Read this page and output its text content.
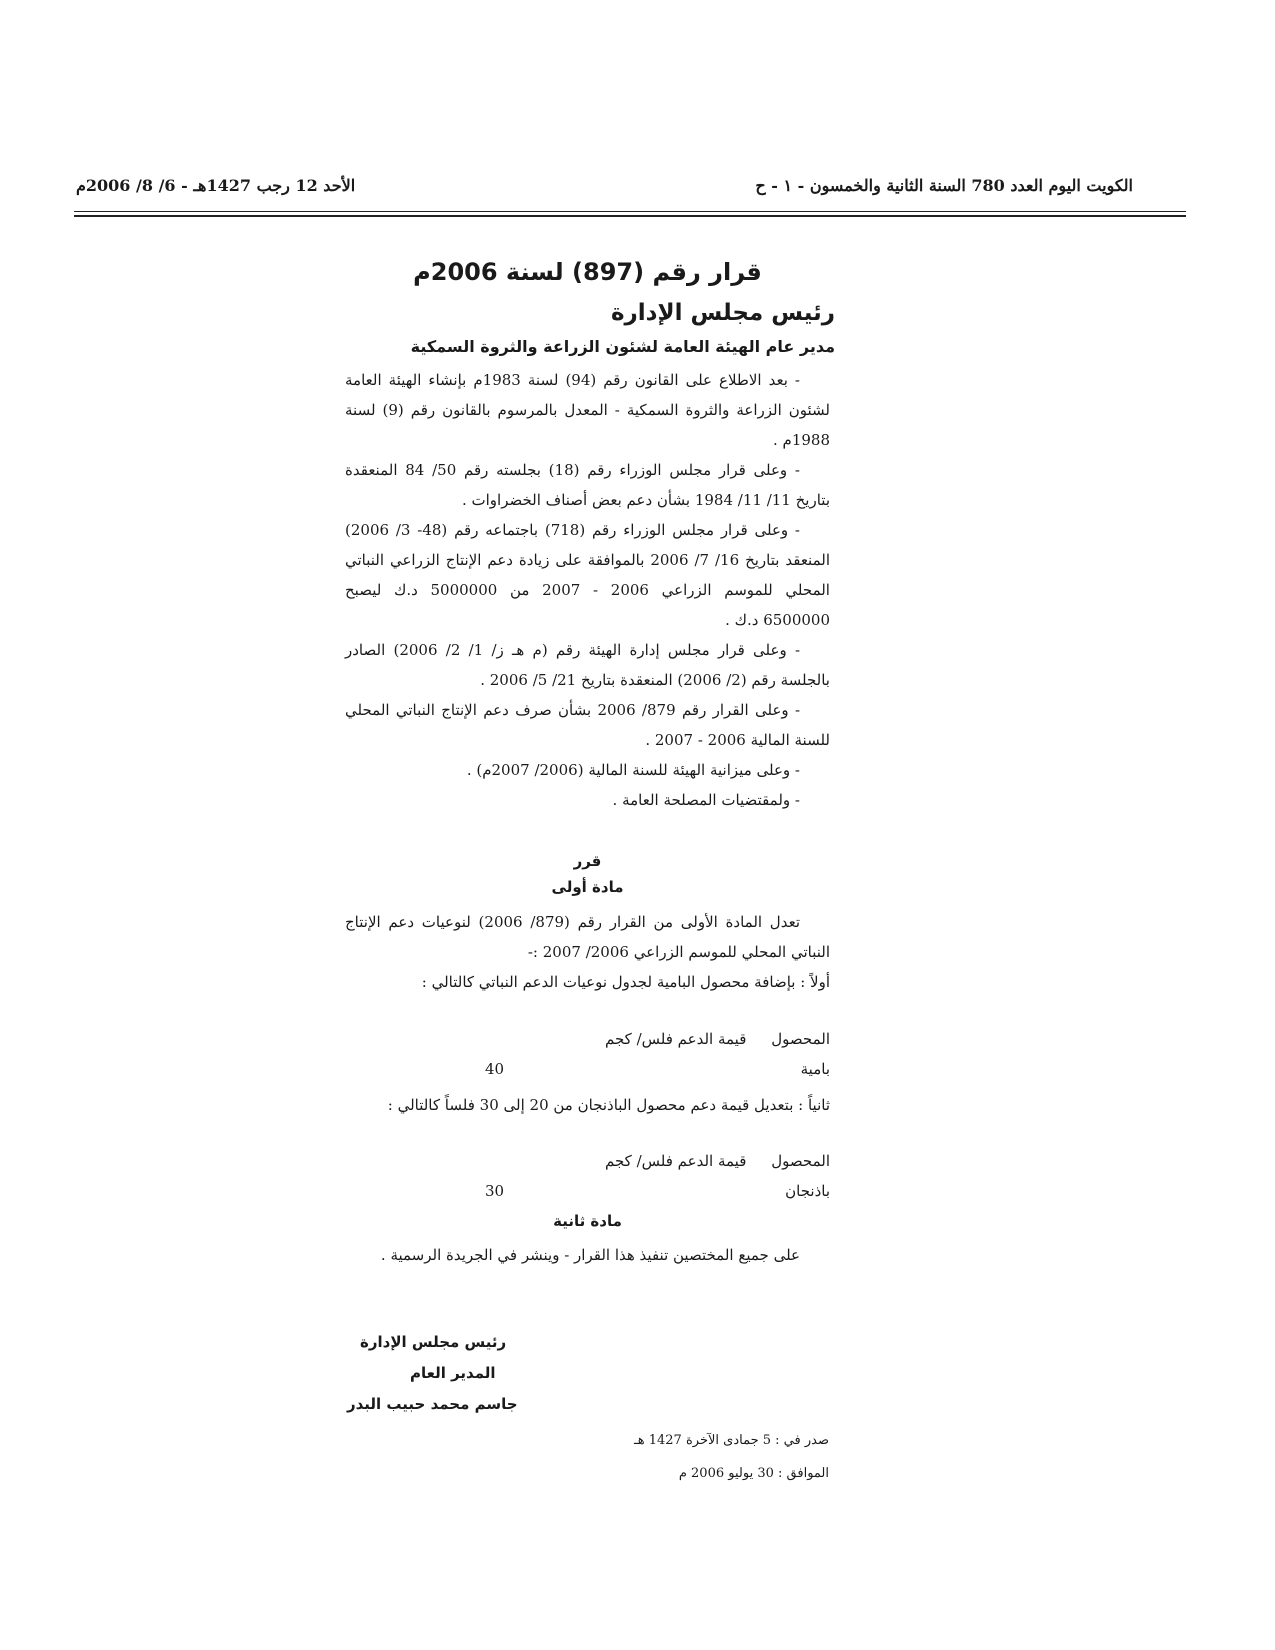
الكويت اليوم العدد 780 السنة الثانية والخمسون - ١ - ح
الأحد 12 رجب 1427هـ - 6/ 8/ 2006م
قرار رقم (897) لسنة 2006م
رئيس مجلس الإدارة
مدير عام الهيئة العامة لشئون الزراعة والثروة السمكية

- بعد الاطلاع على القانون رقم (94) لسنة 1983م بإنشاء الهيئة العامة لشئون الزراعة والثروة السمكية - المعدل بالمرسوم بالقانون رقم (9) لسنة 1988م .

- وعلى قرار مجلس الوزراء رقم (18) بجلسته رقم 50/ 84 المنعقدة بتاريخ 11/ 11/ 1984 بشأن دعم بعض أصناف الخضراوات .

- وعلى قرار مجلس الوزراء رقم (718) باجتماعه رقم (48- 3/ 2006) المنعقد بتاريخ 16/ 7/ 2006 بالموافقة على زيادة دعم الإنتاج الزراعي النباتي المحلي للموسم الزراعي 2006 - 2007 من 5000000 د.ك ليصبح 6500000 د.ك .

- وعلى قرار مجلس إدارة الهيئة رقم (م هـ ز/ 1/ 2/ 2006) الصادر بالجلسة رقم (2/ 2006) المنعقدة بتاريخ 21/ 5/ 2006 .

- وعلى القرار رقم 879/ 2006 بشأن صرف دعم الإنتاج النباتي المحلي للسنة المالية 2006 - 2007 .

- وعلى ميزانية الهيئة للسنة المالية (2006/ 2007م) .

- ولمقتضيات المصلحة العامة .

قرر
مادة أولى

تعدل المادة الأولى من القرار رقم (879/ 2006) لنوعيات دعم الإنتاج النباتي المحلي للموسم الزراعي 2006/ 2007 :-

أولاً : بإضافة محصول البامية لجدول نوعيات الدعم النباتي كالتالي :

المحصول
قيمة الدعم فلس/ كجم
بامية
40

ثانياً : بتعديل قيمة دعم محصول الباذنجان من 20 إلى 30 فلساً كالتالي :

المحصول
قيمة الدعم فلس/ كجم
باذنجان
30
مادة ثانية

على جميع المختصين تنفيذ هذا القرار - وينشر في الجريدة الرسمية .

رئيس مجلس الإدارة
المدير العام
جاسم محمد حبيب البدر
صدر في : 5 جمادى الآخرة 1427 هـ
الموافق : 30 يوليو 2006 م
